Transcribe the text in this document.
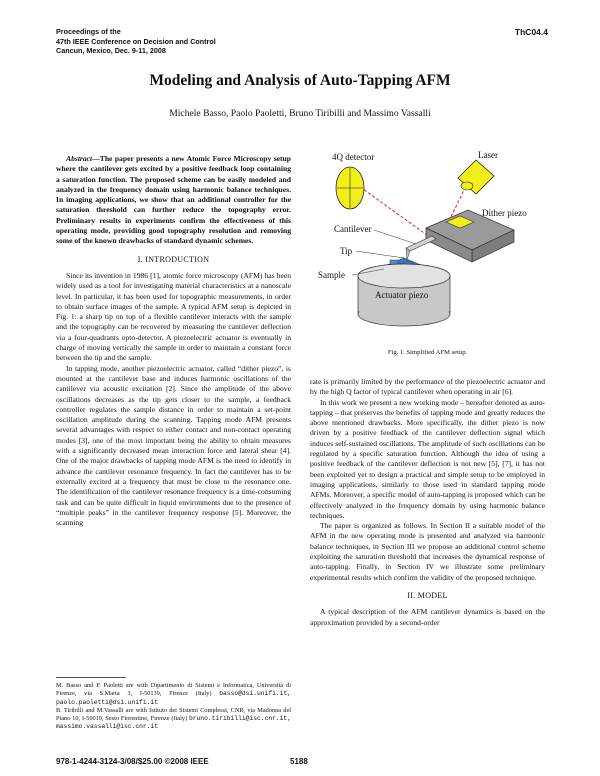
Proceedings of the
47th IEEE Conference on Decision and Control
Cancun, Mexico, Dec. 9-11, 2008
ThC04.4
Modeling and Analysis of Auto-Tapping AFM
Michele Basso, Paolo Paoletti, Bruno Tiribilli and Massimo Vassalli

Abstract—The paper presents a new Atomic Force Microscopy setup where the cantilever gets excited by a positive feedback loop containing a saturation function. The proposed scheme can be easily modeled and analyzed in the frequency domain using harmonic balance techniques. In imaging applications, we show that an additional controller for the saturation threshold can further reduce the topography error. Preliminary results in experiments confirm the effectiveness of this operating mode, providing good topography resolution and removing some of the known drawbacks of standard dynamic schemes.

I. INTRODUCTION

Since its invention in 1986 [1], atomic force microscopy (AFM) has been widely used as a tool for investigating material characteristics at a nanoscale level. In particular, it has been used for topographic measurements, in order to obtain surface images of the sample. A typical AFM setup is depicted in Fig. 1: a sharp tip on top of a flexible cantilever interacts with the sample and the topography can be recovered by measuring the cantilever deflection via a four-quadrants opto-detector. A piezoelectric actuator is eventually in charge of moving vertically the sample in order to maintain a constant force between the tip and the sample.

In tapping mode, another piezoelectric actuator, called “dither piezo”, is mounted at the cantilever base and induces harmonic oscillations of the cantilever via acoustic excitation [2]. Since the amplitude of the above oscillations decreases as the tip gets closer to the sample, a feedback controller regulates the sample distance in order to maintain a set-point oscillation amplitude during the scanning. Tapping mode AFM presents several advantages with respect to either contact and non-contact operating modes [3], one of the most important being the ability to obtain measures with a significantly decreased mean interaction force and lateral shear [4]. One of the major drawbacks of tapping mode AFM is the need to identify in advance the cantilever resonance frequency. In fact the cantilever has to be externally excited at a frequency that must be close to the resonance one. The identification of the cantilever resonance frequency is a time-consuming task and can be quite difficult in liquid environments due to the presence of “multiple peaks” in the cantilever frequency response [5]. Moreover, the scanning

4Q detector	Laser
Dither piezo
Cantilever
Tip
Sample
Actuator piezo
Fig. 1. Simplified AFM setup.

rate is primarily limited by the performance of the piezoelectric actuator and by the high Q factor of typical cantilever when operating in air [6].

In this work we present a new working mode – hereafter denoted as auto-tapping – that preserves the benefits of tapping mode and greatly reduces the above mentioned drawbacks. More specifically, the dither piezo is now driven by a positive feedback of the cantilever deflection signal which induces self-sustained oscillations. The amplitude of such oscillations can be regulated by a specific saturation function. Although the idea of using a positive feedback of the cantilever deflection is not new [5], [7], it has not been exploited yet to design a practical and simple setup to be employed in imaging applications, similarly to those used in standard tapping mode AFMs. Moreover, a specific model of auto-tapping is proposed which can be effectively analyzed in the frequency domain by using harmonic balance techniques.

The paper is organized as follows. In Section II a suitable model of the AFM in the new operating mode is presented and analyzed via harmonic balance techniques, in Section III we propose an additional control scheme exploiting the saturation threshold that increases the dynamical response of auto-tapping. Finally, in Section IV we illustrate some preliminary experimental results which confirm the validity of the proposed technique.

II. MODEL

A typical description of the AFM cantilever dynamics is based on the approximation provided by a second-order

M. Basso and P. Paoletti are with Dipartimento di Sistemi e Informatica, Università di Firenze, via S.Marta 3, I-50139, Firenze (Italy) basso@dsi.unifi.it, paolo.paoletti@dsi.unifi.it
B. Tiribilli and M.Vassalli are with Istituto dei Sistemi Complessi, CNR, via Madonna del Piano 10, I-50019, Sesto Fiorentino, Firenze (Italy) bruno.tiribilli@isc.cnr.it, massimo.vassalli@isc.cnr.it
978-1-4244-3124-3/08/$25.00 ©2008 IEEE	5188
